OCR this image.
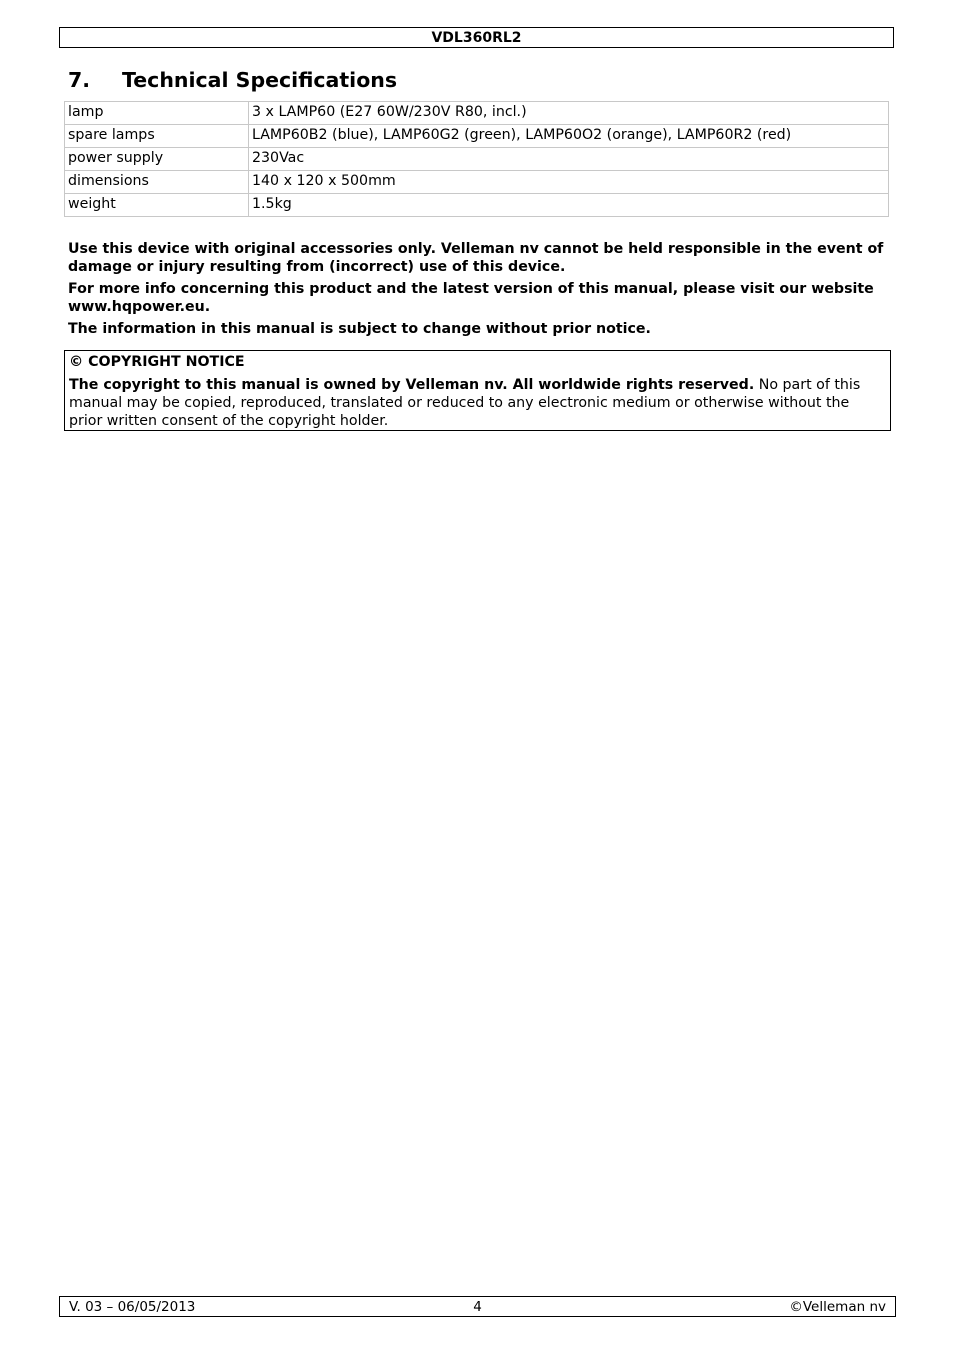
VDL360RL2
7. Technical Specifications
lamp	3 x LAMP60 (E27 60W/230V R80, incl.)
spare lamps	LAMP60B2 (blue), LAMP60G2 (green), LAMP60O2 (orange), LAMP60R2 (red)
power supply	230Vac
dimensions	140 x 120 x 500mm
weight	1.5kg

Use this device with original accessories only. Velleman nv cannot be held responsible in the event of damage or injury resulting from (incorrect) use of this device.

For more info concerning this product and the latest version of this manual, please visit our website www.hqpower.eu.

The information in this manual is subject to change without prior notice.

© COPYRIGHT NOTICE
The copyright to this manual is owned by Velleman nv. All worldwide rights reserved. No part of this manual may be copied, reproduced, translated or reduced to any electronic medium or otherwise without the prior written consent of the copyright holder.
4
V. 03 – 06/05/2013	©Velleman nv
